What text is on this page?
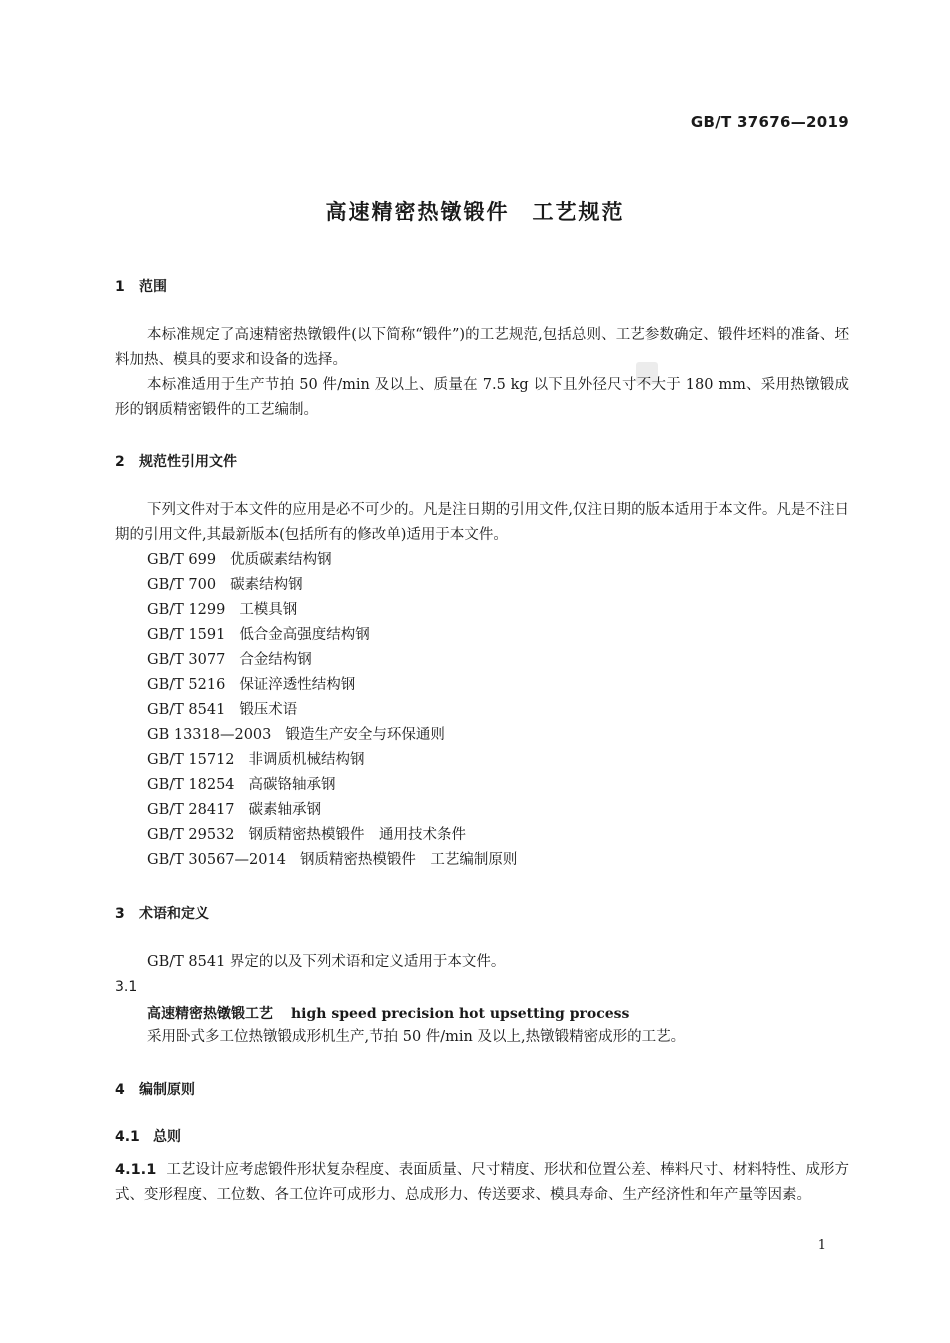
GB/T 37676—2019
高速精密热镦锻件　工艺规范
1 范围
本标准规定了高速精密热镦锻件(以下简称“锻件”)的工艺规范,包括总则、工艺参数确定、锻件坯料的准备、坯料加热、模具的要求和设备的选择。
本标准适用于生产节拍 50 件/min 及以上、质量在 7.5 kg 以下且外径尺寸不大于 180 mm、采用热镦锻成形的钢质精密锻件的工艺编制。
2 规范性引用文件
下列文件对于本文件的应用是必不可少的。凡是注日期的引用文件,仅注日期的版本适用于本文件。凡是不注日期的引用文件,其最新版本(包括所有的修改单)适用于本文件。
GB/T 699 优质碳素结构钢
GB/T 700 碳素结构钢
GB/T 1299 工模具钢
GB/T 1591 低合金高强度结构钢
GB/T 3077 合金结构钢
GB/T 5216 保证淬透性结构钢
GB/T 8541 锻压术语
GB 13318—2003 锻造生产安全与环保通则
GB/T 15712 非调质机械结构钢
GB/T 18254 高碳铬轴承钢
GB/T 28417 碳素轴承钢
GB/T 29532 钢质精密热模锻件　通用技术条件
GB/T 30567—2014 钢质精密热模锻件　工艺编制原则
3 术语和定义
GB/T 8541 界定的以及下列术语和定义适用于本文件。
3.1
高速精密热镦锻工艺 high speed precision hot upsetting process
采用卧式多工位热镦锻成形机生产,节拍 50 件/min 及以上,热镦锻精密成形的工艺。
4 编制原则
4.1 总则
4.1.1 工艺设计应考虑锻件形状复杂程度、表面质量、尺寸精度、形状和位置公差、棒料尺寸、材料特性、成形方式、变形程度、工位数、各工位许可成形力、总成形力、传送要求、模具寿命、生产经济性和年产量等因素。
1
